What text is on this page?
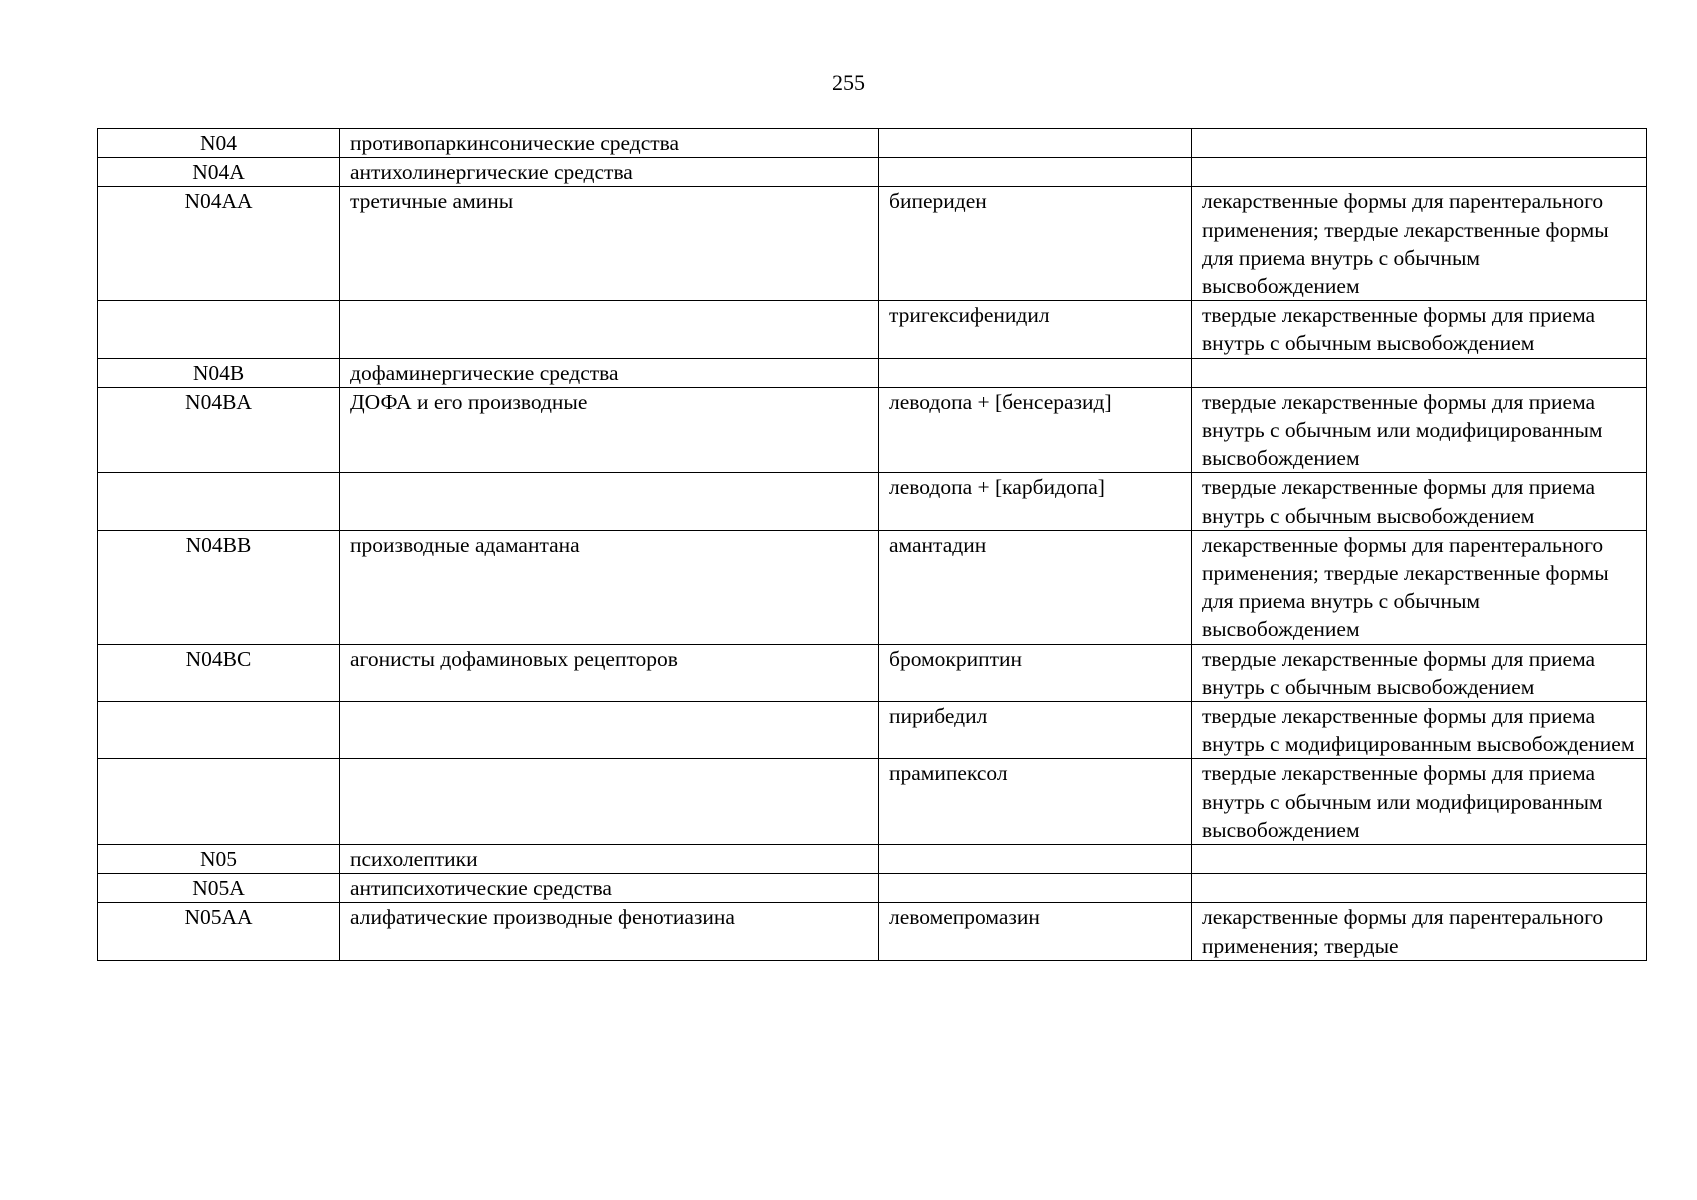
255
N04	противопаркинсонические средства		
N04A	антихолинергические средства		
N04AA	третичные амины	бипериден	лекарственные формы для парентерального применения; твердые лекарственные формы для приема внутрь с обычным высвобождением
		тригексифенидил	твердые лекарственные формы для приема внутрь с обычным высвобождением
N04B	дофаминергические средства		
N04BA	ДОФА и его производные	леводопа + [бенсеразид]	твердые лекарственные формы для приема внутрь с обычным или модифицированным высвобождением
		леводопа + [карбидопа]	твердые лекарственные формы для приема внутрь с обычным высвобождением
N04BB	производные адамантана	амантадин	лекарственные формы для парентерального применения; твердые лекарственные формы для приема внутрь с обычным высвобождением
N04BC	агонисты дофаминовых рецепторов	бромокриптин	твердые лекарственные формы для приема внутрь с обычным высвобождением
		пирибедил	твердые лекарственные формы для приема внутрь с модифицированным высвобождением
		прамипексол	твердые лекарственные формы для приема внутрь с обычным или модифицированным высвобождением
N05	психолептики		
N05A	антипсихотические средства		
N05AA	алифатические производные фенотиазина	левомепромазин	лекарственные формы для парентерального применения; твердые
